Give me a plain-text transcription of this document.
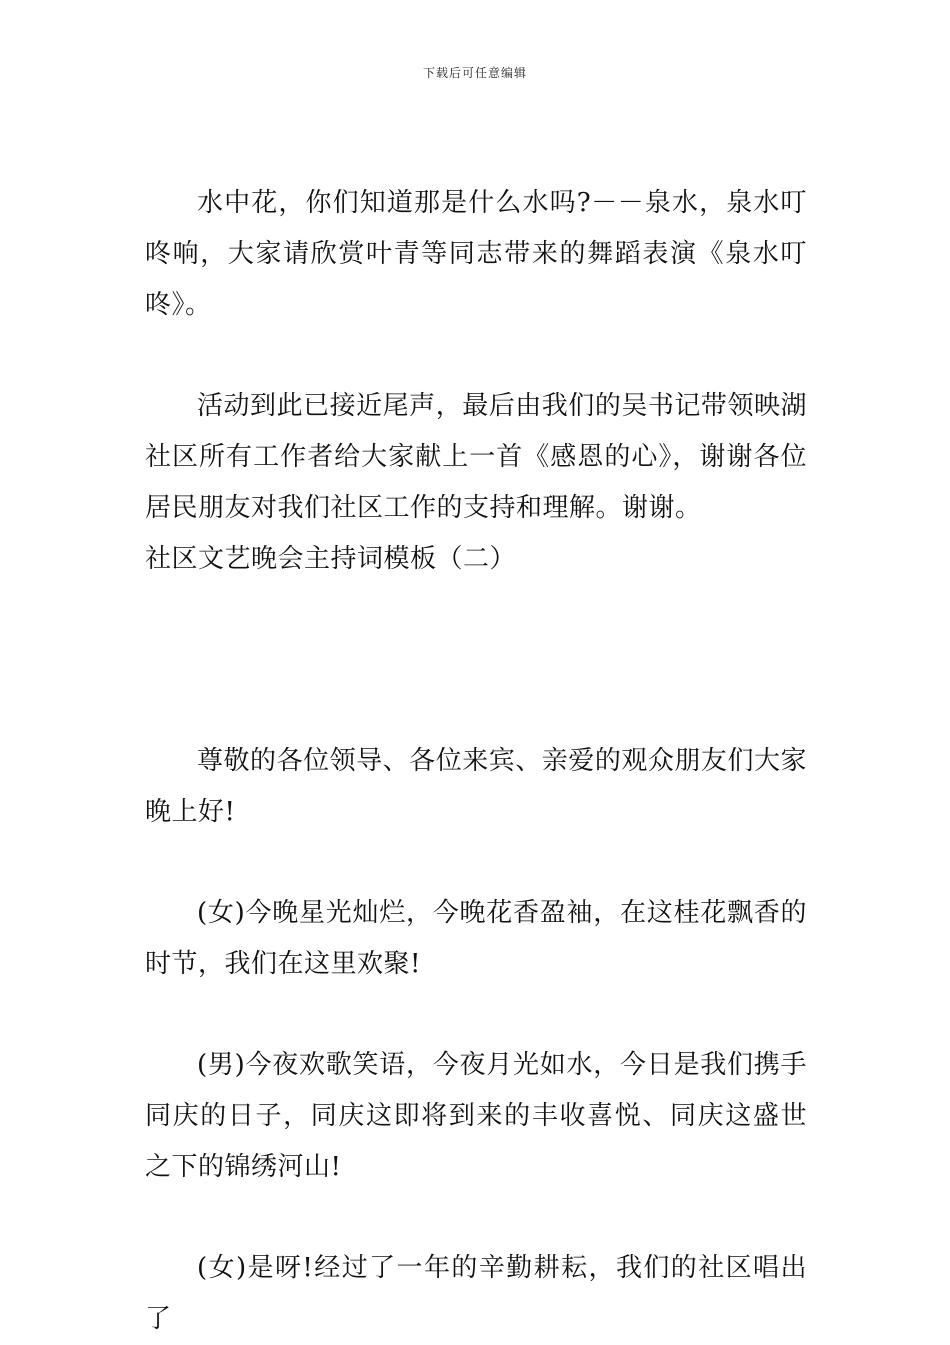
下载后可任意编辑

水中花，你们知道那是什么水吗?－－泉水，泉水叮咚响，大家请欣赏叶青等同志带来的舞蹈表演《泉水叮咚》。

活动到此已接近尾声，最后由我们的吴书记带领映湖社区所有工作者给大家献上一首《感恩的心》，谢谢各位居民朋友对我们社区工作的支持和理解。谢谢。

社区文艺晚会主持词模板（二）

尊敬的各位领导、各位来宾、亲爱的观众朋友们大家晚上好!

(女)今晚星光灿烂，今晚花香盈袖，在这桂花飘香的时节，我们在这里欢聚!

(男)今夜欢歌笑语，今夜月光如水，今日是我们携手同庆的日子，同庆这即将到来的丰收喜悦、同庆这盛世之下的锦绣河山!

(女)是呀!经过了一年的辛勤耕耘，我们的社区唱出了
